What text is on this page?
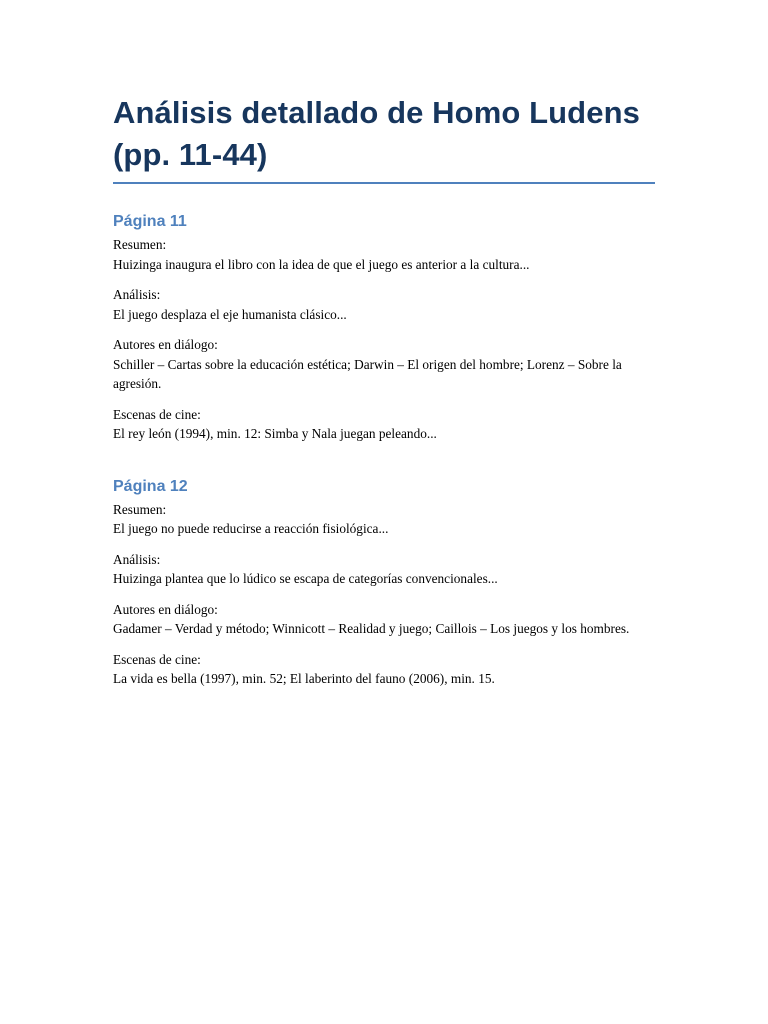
Análisis detallado de Homo Ludens (pp. 11-44)
Página 11

Resumen:
Huizinga inaugura el libro con la idea de que el juego es anterior a la cultura...

Análisis:
El juego desplaza el eje humanista clásico...

Autores en diálogo:
Schiller – Cartas sobre la educación estética; Darwin – El origen del hombre; Lorenz – Sobre la agresión.

Escenas de cine:
El rey león (1994), min. 12: Simba y Nala juegan peleando...

Página 12

Resumen:
El juego no puede reducirse a reacción fisiológica...

Análisis:
Huizinga plantea que lo lúdico se escapa de categorías convencionales...

Autores en diálogo:
Gadamer – Verdad y método; Winnicott – Realidad y juego; Caillois – Los juegos y los hombres.

Escenas de cine:
La vida es bella (1997), min. 52; El laberinto del fauno (2006), min. 15.
